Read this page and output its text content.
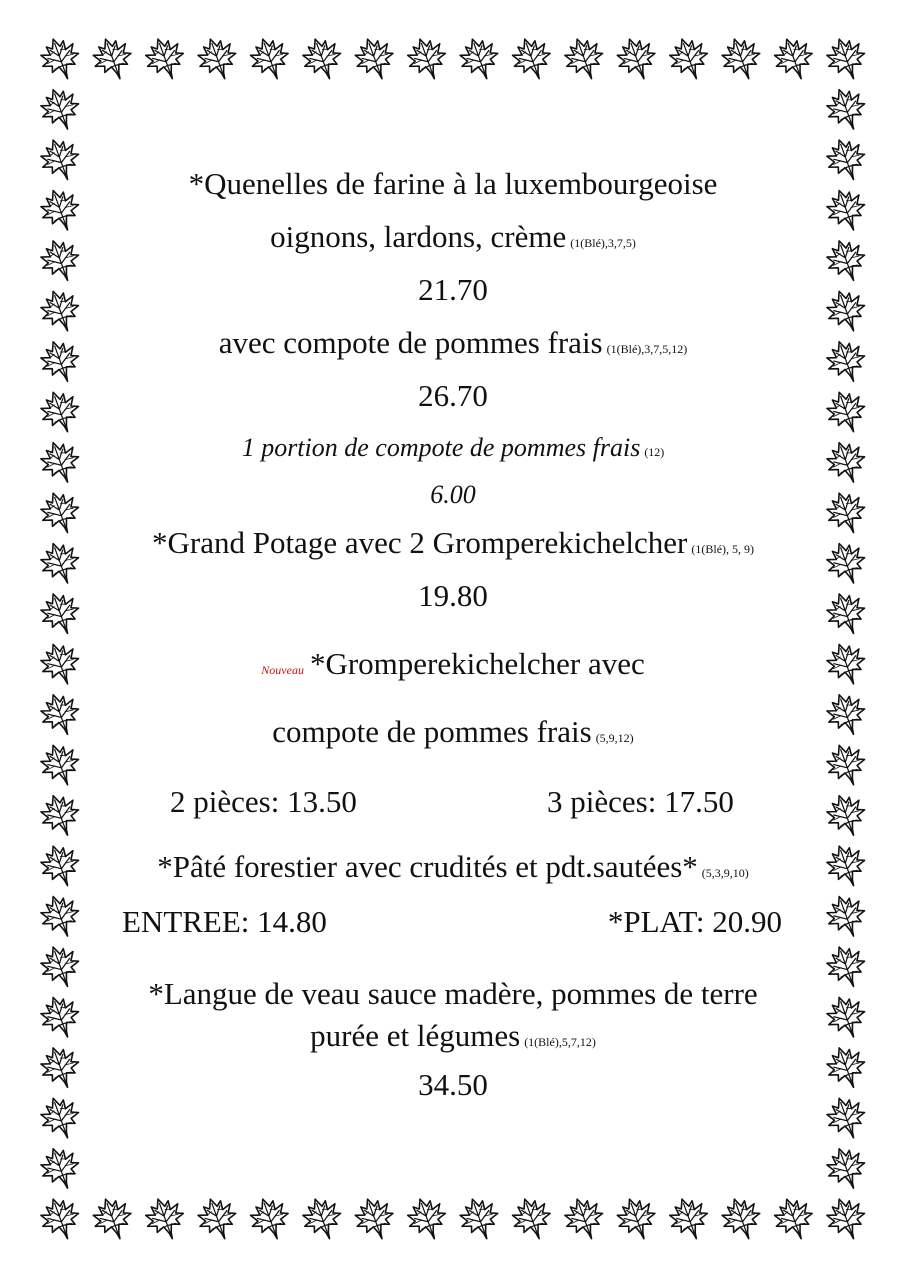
*Quenelles de farine à la luxembourgeoise
oignons, lardons, crème (1(Blé),3,7,5)
21.70
avec compote de pommes frais (1(Blé),3,7,5,12)
26.70
1 portion de compote de pommes frais (12)
6.00
*Grand Potage avec 2 Gromperekichelcher (1(Blé), 5, 9)
19.80
Nouveau *Gromperekichelcher avec
compote de pommes frais (5,9,12)
2 pièces: 13.50	3 pièces: 17.50
*Pâté forestier avec crudités et pdt.sautées* (5,3,9,10)
ENTREE: 14.80	*PLAT: 20.90
*Langue de veau sauce madère, pommes de terre
purée et légumes (1(Blé),5,7,12)
34.50
